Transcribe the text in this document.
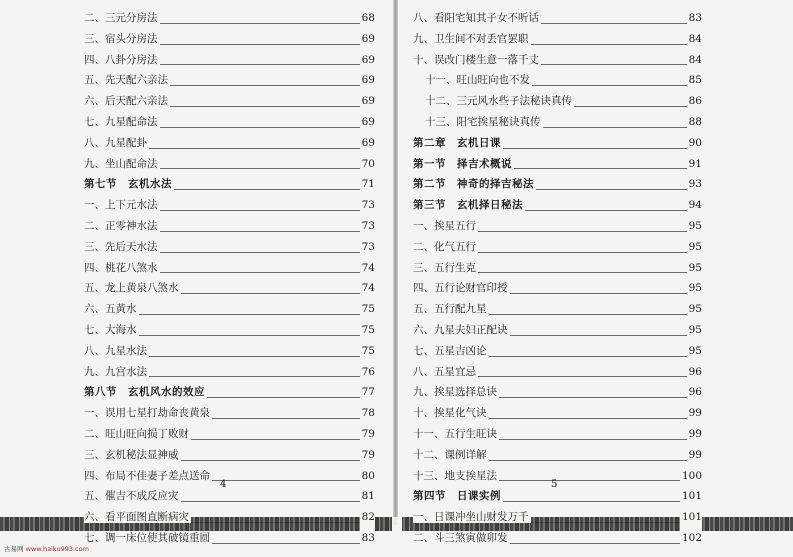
二、三元分房法	68
三、宿头分房法	69
四、八卦分房法	69
五、先天配六亲法	69
六、后天配六亲法	69
七、九星配命法	69
八、九星配卦	69
九、坐山配命法	70
第七节　玄机水法	71
一、上下元水法	73
二、正零神水法	73
三、先后天水法	73
四、桃花八煞水	74
五、龙上黄泉八煞水	74
六、五黄水	75
七、大海水	75
八、九星水法	75
九、九宫水法	76
第八节　玄机风水的效应	77
一、误用七星打劫命丧黄泉	78
二、旺山旺向损丁败财	79
三、玄机秘法显神威	79
四、布局不佳妻子差点送命	80
五、催吉不成反应灾	81
六、看平面图直断病灾	82
七、调一床位使其破镜重圆	83
4
八、看阳宅知其子女不听话	83
九、卫生间不对丢官罢职	84
十、误改门楼生意一落千丈	84
十一、旺山旺向也不发	85
十二、三元风水些子法秘诀真传	86
十三、阳宅挨星秘诀真传	88
第二章　玄机日课	90
第一节　择吉术概说	91
第二节　神奇的择吉秘法	93
第三节　玄机择日秘法	94
一、挨星五行	95
二、化气五行	95
三、五行生克	95
四、五行论财官印授	95
五、五行配九星	95
六、九星夫妇正配诀	95
七、五星吉凶论	95
八、五星宜忌	96
九、挨星选择总诀	96
十、挨星化气诀	99
十一、五行生旺诀	99
十二、课例详解	99
十三、地支挨星法	100
第四节　日课实例	101
一、日课冲坐山财发万千	101
二、斗三煞寅做卯发	102
5
古易网 www.haiku993.com
